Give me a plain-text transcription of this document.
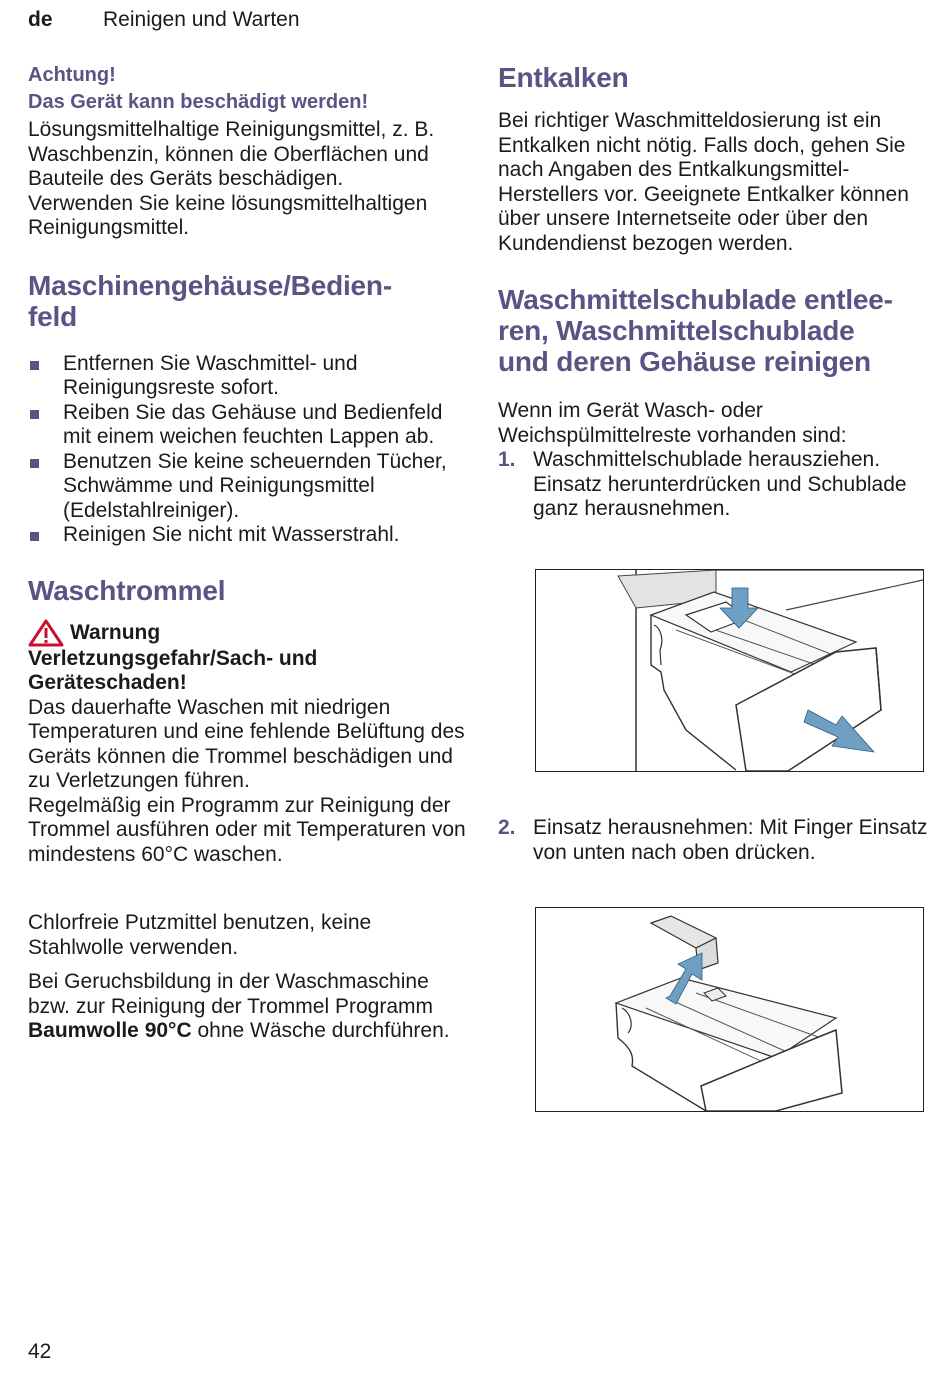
de Reinigen und Warten

Achtung!

Das Gerät kann beschädigt werden!

Lösungsmittelhaltige Reinigungsmittel, z. B. Waschbenzin, können die Oberflächen und Bauteile des Geräts beschädigen.

Verwenden Sie keine lösungsmittelhaltigen Reinigungsmittel.

Maschinengehäuse/Bedien-
feld
Entfernen Sie Waschmittel- und Reinigungsreste sofort.
Reiben Sie das Gehäuse und Bedienfeld mit einem weichen feuchten Lappen ab.
Benutzen Sie keine scheuernden Tücher, Schwämme und Reinigungsmittel (Edelstahlreiniger).
Reinigen Sie nicht mit Wasserstrahl.
Waschtrommel
Warnung

Verletzungsgefahr/Sach- und Geräteschaden!

Das dauerhafte Waschen mit niedrigen Temperaturen und eine fehlende Belüftung des Geräts können die Trommel beschädigen und zu Verletzungen führen.

Regelmäßig ein Programm zur Reinigung der Trommel ausführen oder mit Temperaturen von mindestens 60°C waschen.

Chlorfreie Putzmittel benutzen, keine Stahlwolle verwenden.

Bei Geruchsbildung in der Waschmaschine bzw. zur Reinigung der Trommel Programm Baumwolle 90°C ohne Wäsche durchführen.

Entkalken

Bei richtiger Waschmitteldosierung ist ein Entkalken nicht nötig. Falls doch, gehen Sie nach Angaben des Entkalkungsmittel-Herstellers vor. Geeignete Entkalker können über unsere Internetseite oder über den Kundendienst bezogen werden.

Waschmittelschublade entlee-
ren, Waschmittelschublade
und deren Gehäuse reinigen

Wenn im Gerät Wasch- oder Weichspülmittelreste vorhanden sind:

1. Waschmittelschublade herausziehen. Einsatz herunterdrücken und Schublade ganz herausnehmen.
2. Einsatz herausnehmen: Mit Finger Einsatz von unten nach oben drücken.
42
